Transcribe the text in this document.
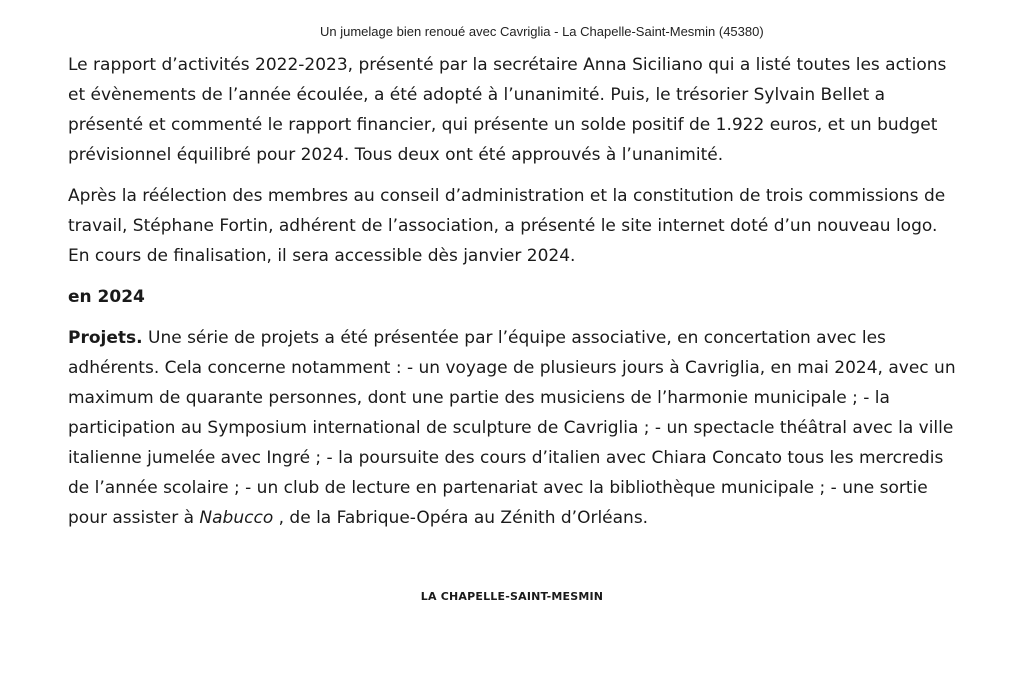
Un jumelage bien renoué avec Cavriglia - La Chapelle-Saint-Mesmin (45380)

Le rapport d’activités 2022-2023, présenté par la secrétaire Anna Siciliano qui a listé toutes les actions et évènements de l’année écoulée, a été adopté à l’unanimité. Puis, le trésorier Sylvain Bellet a présenté et commenté le rapport financier, qui présente un solde positif de 1.922 euros, et un budget prévisionnel équilibré pour 2024. Tous deux ont été approuvés à l’unanimité.

Après la réélection des membres au conseil d’administration et la constitution de trois commissions de travail, Stéphane Fortin, adhérent de l’association, a présenté le site internet doté d’un nouveau logo. En cours de finalisation, il sera accessible dès janvier 2024.

en 2024

Projets. Une série de projets a été présentée par l’équipe associative, en concertation avec les adhérents. Cela concerne notamment : - un voyage de plusieurs jours à Cavriglia, en mai 2024, avec un maximum de quarante personnes, dont une partie des musiciens de l’harmonie municipale ; - la participation au Symposium international de sculpture de Cavriglia ; - un spectacle théâtral avec la ville italienne jumelée avec Ingré ; - la poursuite des cours d’italien avec Chiara Concato tous les mercredis de l’année scolaire ; - un club de lecture en partenariat avec la bibliothèque municipale ; - une sortie pour assister à Nabucco , de la Fabrique-Opéra au Zénith d’Orléans.

LA CHAPELLE-SAINT-MESMIN
